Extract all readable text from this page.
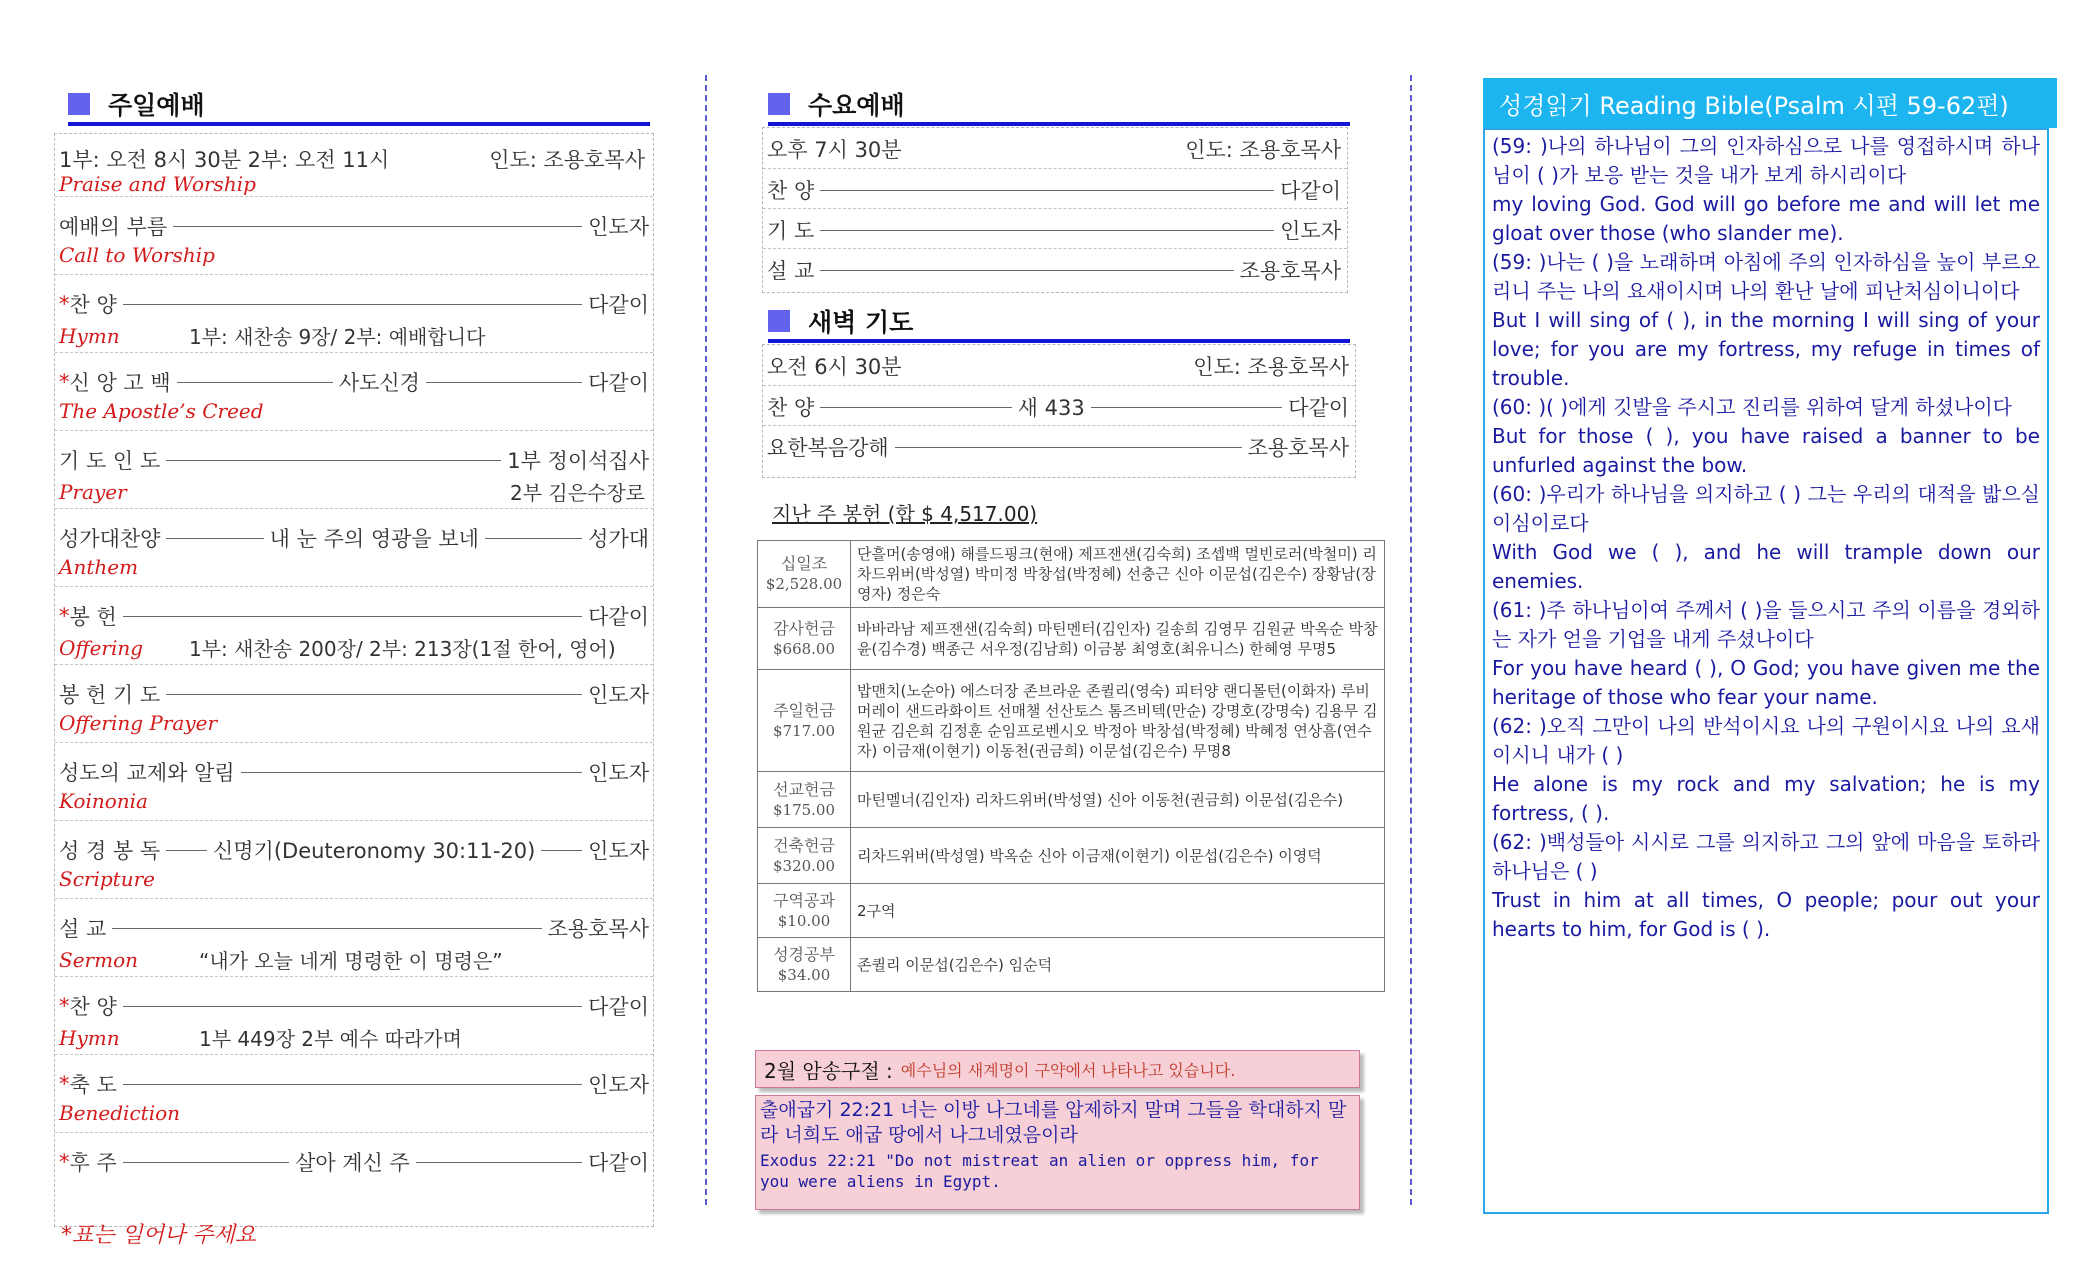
주일예배
1부: 오전 8시 30분 2부: 오전 11시	인도: 조용호목사
Praise and Worship
예배의 부름	인도자
Call to Worship
* 찬 양	다같이
Hymn	1부: 새찬송 9장/ 2부: 예배합니다
* 신 앙 고 백	사도신경	다같이
The Apostle’s Creed
기 도 인 도	1부 정이석집사
Prayer	2부 김은수장로
성가대찬양	내 눈 주의 영광을 보네	성가대
Anthem
* 봉 헌	다같이
Offering	1부: 새찬송 200장/ 2부: 213장(1절 한어, 영어)
봉 헌 기 도	인도자
Offering Prayer
성도의 교제와 알림	인도자
Koinonia
성 경 봉 독	신명기(Deuteronomy 30:11-20)	인도자
Scripture
설 교	조용호목사
Sermon	“내가 오늘 네게 명령한 이 명령은”
* 찬 양	다같이
Hymn	1부 449장 2부 예수 따라가며
* 축 도	인도자
Benediction
* 후 주	살아 계신 주	다같이
*표는 일어나 주세요
수요예배
오후 7시 30분	인도: 조용호목사
찬 양	다같이
기 도	인도자
설 교	조용호목사
새벽 기도
오전 6시 30분	인도: 조용호목사
찬 양	새 433	다같이
요한복음강해	조용호목사
지난 주 봉헌 (합 $ 4,517.00)
십일조
$2,528.00	단흘머(송영애) 해를드핑크(현애) 제프잰샌(김숙희) 조셉백 멀빈로러(박철미) 리차드위버(박성열) 박미정 박창섭(박정혜) 선충근 신아 이문섭(김은수) 장황남(장영자) 정은숙

감사헌금
$668.00	바바라남 제프잰샌(김숙희) 마틴멘터(김인자) 길송희 김영무 김원균 박옥순 박창윤(김수경) 백종근 서우정(김남희) 이금봉 최영호(최유니스) 한혜영 무명5

주일헌금
$717.00	밥맨치(노순아) 에스더장 존브라운 존퀼리(영숙) 피터양 랜디몰턴(이화자) 루비머레이 샌드라화이트 선매챌 선산토스 톰즈비텍(만순) 강명호(강명숙) 김용무 김원균 김은희 김정훈 순임프로벤시오 박정아 박창섭(박정혜) 박혜정 연상흠(연수자) 이금재(이현기) 이동천(권금희) 이문섭(김은수) 무명8

선교헌금
$175.00	마틴멜너(김인자) 리차드위버(박성열) 신아 이동천(권금희) 이문섭(김은수)

건축헌금
$320.00	리차드위버(박성열) 박옥순 신아 이금재(이현기) 이문섭(김은수) 이영덕

구역공과
$10.00	2구역

성경공부
$34.00	존퀼리 이문섭(김은수) 임순덕
2월 암송구절 : 예수님의 새계명이 구약에서 나타나고 있습니다.
출애굽기 22:21 너는 이방 나그네를 압제하지 말며 그들을 학대하지 말라 너희도 애굽 땅에서 나그네였음이라
Exodus 22:21 "Do not mistreat an alien or oppress him, for you were aliens in Egypt.
성경읽기 Reading Bible(Psalm 시편 59-62편)

(59: )나의 하나님이 그의 인자하심으로 나를 영접하시며 하나님이 ( )가 보응 받는 것을 내가 보게 하시리이다

my loving God. God will go before me and will let me gloat over those (who slander me).

(59: )나는 ( )을 노래하며 아침에 주의 인자하심을 높이 부르오리니 주는 나의 요새이시며 나의 환난 날에 피난처심이니이다

But I will sing of ( ), in the morning I will sing of your love; for you are my fortress, my refuge in times of trouble.

(60: )( )에게 깃발을 주시고 진리를 위하여 달게 하셨나이다

But for those ( ), you have raised a banner to be unfurled against the bow.

(60: )우리가 하나님을 의지하고 ( ) 그는 우리의 대적을 밟으실 이심이로다

With God we ( ), and he will trample down our enemies.

(61: )주 하나님이여 주께서 ( )을 들으시고 주의 이름을 경외하는 자가 얻을 기업을 내게 주셨나이다

For you have heard ( ), O God; you have given me the heritage of those who fear your name.

(62: )오직 그만이 나의 반석이시요 나의 구원이시요 나의 요새이시니 내가 ( )

He alone is my rock and my salvation; he is my fortress, ( ).

(62: )백성들아 시시로 그를 의지하고 그의 앞에 마음을 토하라 하나님은 ( )

Trust in him at all times, O people; pour out your hearts to him, for God is ( ).
